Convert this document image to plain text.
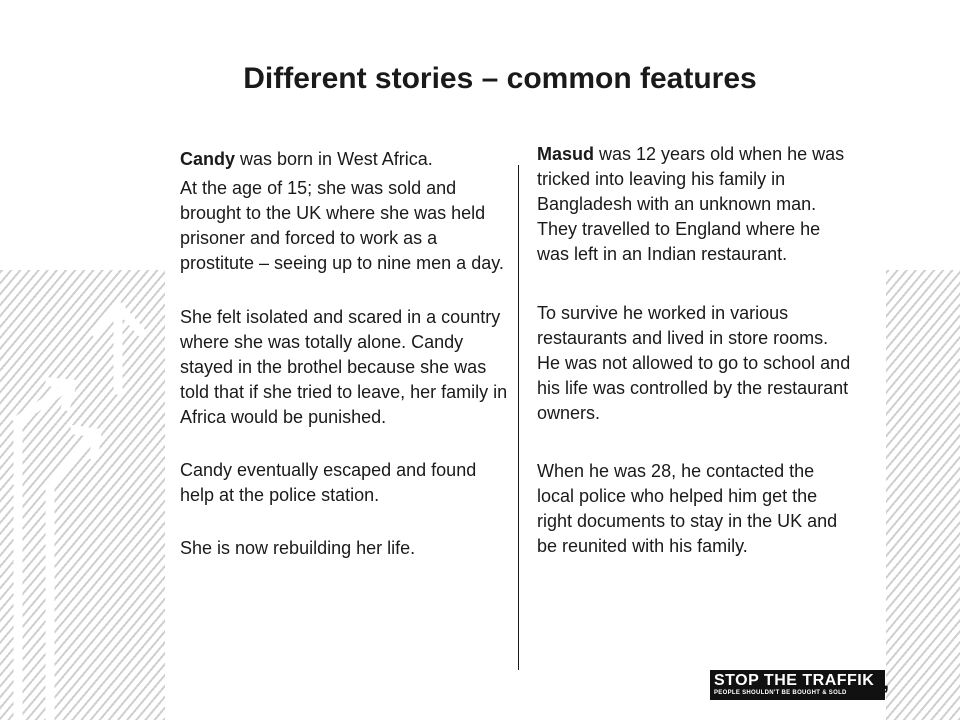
Different stories – common features

Candy was born in West Africa.

At the age of 15; she was sold and brought to the UK where she was held prisoner and forced to work as a prostitute – seeing up to nine men a day.

She felt isolated and scared in a country where she was totally alone. Candy stayed in the brothel because she was told that if she tried to leave, her family in Africa would be punished.

Candy eventually escaped and found help at the police station.

She is now rebuilding her life.

Masud was 12 years old when he was tricked into leaving his family in Bangladesh with an unknown man. They travelled to England where he was left in an Indian restaurant.

To survive he worked in various restaurants and lived in store rooms. He was not allowed to go to school and his life was controlled by the restaurant owners.

When he was 28, he contacted the local police who helped him get the right documents to stay in the UK and be reunited with his family.

STOP THE TRAFFIK
PEOPLE SHOULDN'T BE BOUGHT & SOLD	,
